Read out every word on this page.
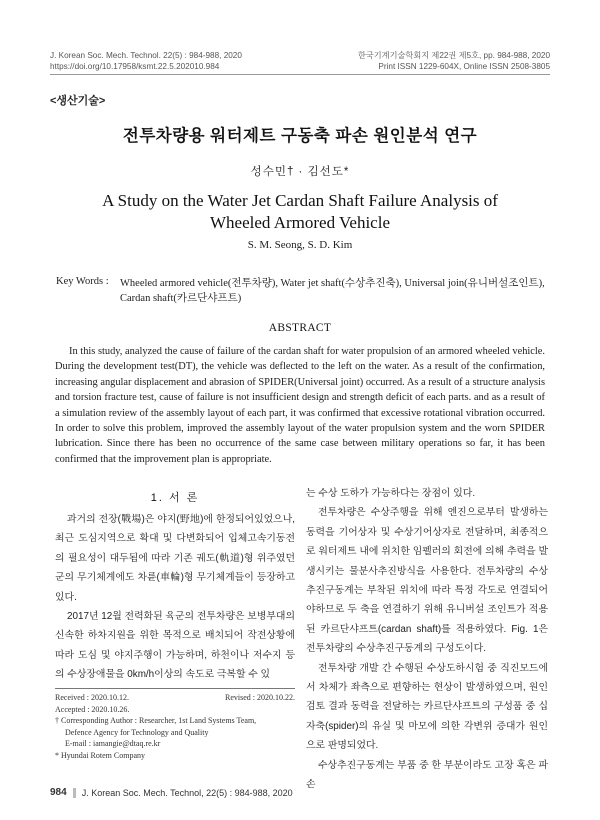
J. Korean Soc. Mech. Technol. 22(5) : 984-988, 2020
https://doi.org/10.17958/ksmt.22.5.202010.984
한국기계기술학회지 제22권 제5호, pp. 984-988, 2020
Print ISSN 1229-604X, Online ISSN 2508-3805
<생산기술>
전투차량용 워터제트 구동축 파손 원인분석 연구
성수민† · 김선도*
A Study on the Water Jet Cardan Shaft Failure Analysis of Wheeled Armored Vehicle
S. M. Seong, S. D. Kim
Key Words : Wheeled armored vehicle(전투차량), Water jet shaft(수상추진축), Universal join(유니버설조인트), Cardan shaft(카르단샤프트)
ABSTRACT
In this study, analyzed the cause of failure of the cardan shaft for water propulsion of an armored wheeled vehicle. During the development test(DT), the vehicle was deflected to the left on the water. As a result of the confirmation, increasing angular displacement and abrasion of SPIDER(Universal joint) occurred. As a result of a structure analysis and torsion fracture test, cause of failure is not insufficient design and strength deficit of each parts. and as a result of a simulation review of the assembly layout of each part, it was confirmed that excessive rotational vibration occurred. In order to solve this problem, improved the assembly layout of the water propulsion system and the worn SPIDER lubrication. Since there has been no occurrence of the same case between military operations so far, it has been confirmed that the improvement plan is appropriate.
1. 서 론

과거의 전장(戰場)은 야지(野地)에 한정되어있었으나, 최근 도심지역으로 확대 및 다변화되어 입체고속기동전의 필요성이 대두됨에 따라 기존 궤도(軌道)형 위주였던 군의 무기체계에도 차륜(車輪)형 무기체계들이 등장하고 있다.

2017년 12월 전력화된 육군의 전투차량은 보병부대의 신속한 하차지원을 위한 목적으로 배치되어 작전상황에 따라 도심 및 야지주행이 가능하며, 하천이나 저수지 등의 수상장애물을 0km/h이상의 속도로 극복할 수 있

Received : 2020.10.12.	Revised : 2020.10.22.
Accepted : 2020.10.26.
† Corresponding Author : Researcher, 1st Land Systems Team,
Defence Agency for Technology and Quality
E-mail : iamangie@dtaq.re.kr
* Hyundai Rotem Company

는 수상 도하가 가능하다는 장점이 있다.

전투차량은 수상주행을 위해 엔진으로부터 발생하는 동력을 기어상자 및 수상기어상자로 전달하며, 최종적으로 워터제트 내에 위치한 임펠러의 회전에 의해 추력을 발생시키는 물분사추진방식을 사용한다. 전투차량의 수상추진구동계는 부착된 위치에 따라 특정 각도로 연결되어야하므로 두 축을 연결하기 위해 유니버설 조인트가 적용된 카르단샤프트(cardan shaft)를 적용하였다. Fig. 1은 전투차량의 수상추진구동계의 구성도이다.

전투차량 개발 간 수행된 수상도하시험 중 직진모드에서 차체가 좌측으로 편향하는 현상이 발생하였으며, 원인 검토 결과 동력을 전달하는 카르단샤프트의 구성품 중 십자축(spider)의 유실 및 마모에 의한 각변위 증대가 원인으로 판명되었다.

수상추진구동계는 부품 중 한 부분이라도 고장 혹은 파손

984 J. Korean Soc. Mech. Technol, 22(5) : 984-988, 2020
